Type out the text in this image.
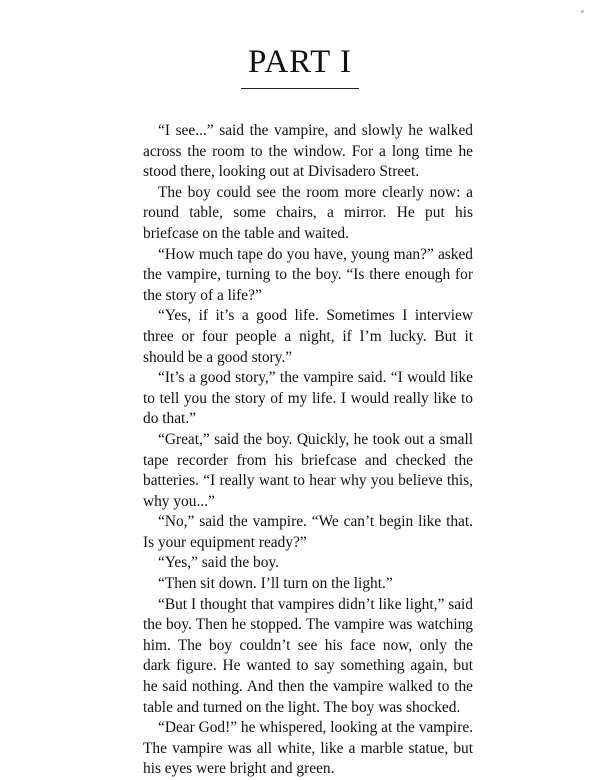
PART I

“I see...” said the vampire, and slowly he walked across the room to the window. For a long time he stood there, looking out at Divisadero Street.

The boy could see the room more clearly now: a round table, some chairs, a mirror. He put his briefcase on the table and waited.

“How much tape do you have, young man?” asked the vampire, turning to the boy. “Is there enough for the story of a life?”

“Yes, if it’s a good life. Sometimes I interview three or four people a night, if I’m lucky. But it should be a good story.”

“It’s a good story,” the vampire said. “I would like to tell you the story of my life. I would really like to do that.”

“Great,” said the boy. Quickly, he took out a small tape recorder from his briefcase and checked the batteries. “I really want to hear why you believe this, why you...”

“No,” said the vampire. “We can’t begin like that. Is your equipment ready?”

“Yes,” said the boy.

“Then sit down. I’ll turn on the light.”

“But I thought that vampires didn’t like light,” said the boy. Then he stopped. The vampire was watching him. The boy couldn’t see his face now, only the dark figure. He wanted to say something again, but he said nothing. And then the vampire walked to the table and turned on the light. The boy was shocked.

“Dear God!” he whispered, looking at the vampire. The vampire was all white, like a marble statue, but his eyes were bright and green.
